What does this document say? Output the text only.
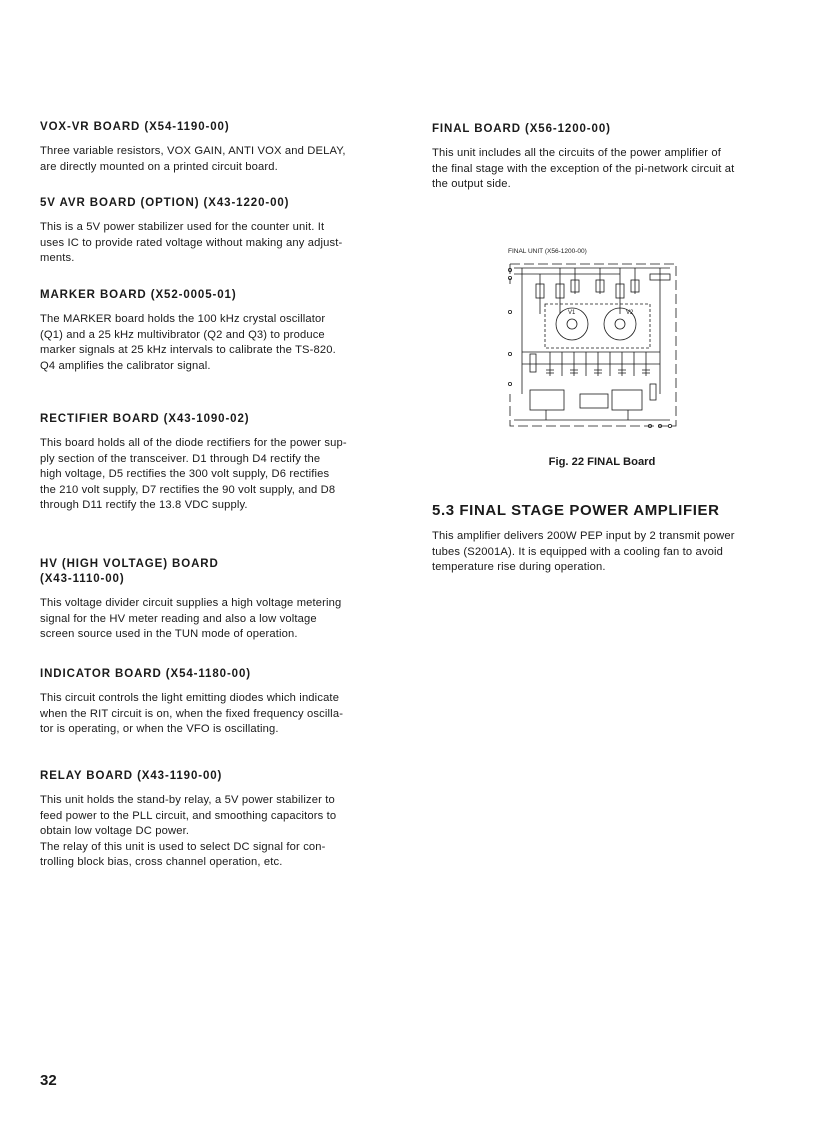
VOX-VR BOARD (X54-1190-00)

Three variable resistors, VOX GAIN, ANTI VOX and DELAY,
are directly mounted on a printed circuit board.

5V AVR BOARD (OPTION) (X43-1220-00)

This is a 5V power stabilizer used for the counter unit. It
uses IC to provide rated voltage without making any adjust-
ments.

MARKER BOARD (X52-0005-01)

The MARKER board holds the 100 kHz crystal oscillator
(Q1) and a 25 kHz multivibrator (Q2 and Q3) to produce
marker signals at 25 kHz intervals to calibrate the TS-820.
Q4 amplifies the calibrator signal.

RECTIFIER BOARD (X43-1090-02)

This board holds all of the diode rectifiers for the power sup-
ply section of the transceiver. D1 through D4 rectify the
high voltage, D5 rectifies the 300 volt supply, D6 rectifies
the 210 volt supply, D7 rectifies the 90 volt supply, and D8
through D11 rectify the 13.8 VDC supply.

HV (HIGH VOLTAGE) BOARD
(X43-1110-00)

This voltage divider circuit supplies a high voltage metering
signal for the HV meter reading and also a low voltage
screen source used in the TUN mode of operation.

INDICATOR BOARD (X54-1180-00)

This circuit controls the light emitting diodes which indicate
when the RIT circuit is on, when the fixed frequency oscilla-
tor is operating, or when the VFO is oscillating.

RELAY BOARD (X43-1190-00)

This unit holds the stand-by relay, a 5V power stabilizer to
feed power to the PLL circuit, and smoothing capacitors to
obtain low voltage DC power.
The relay of this unit is used to select DC signal for con-
trolling block bias, cross channel operation, etc.

FINAL BOARD (X56-1200-00)

This unit includes all the circuits of the power amplifier of
the final stage with the exception of the pi-network circuit at
the output side.

5.3 FINAL STAGE POWER AMPLIFIER

This amplifier delivers 200W PEP input by 2 transmit power
tubes (S2001A). It is equipped with a cooling fan to avoid
temperature rise during operation.

FINAL UNIT (X56-1200-00)
V1	V2
Fig. 22 FINAL Board
32
